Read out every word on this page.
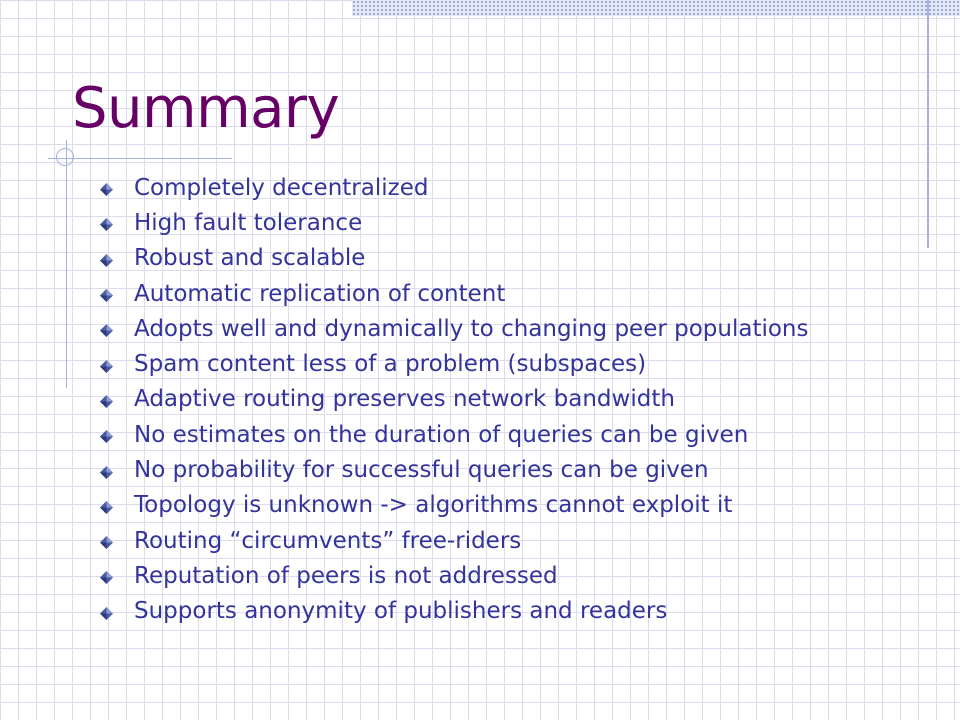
Summary
Completely decentralized
High fault tolerance
Robust and scalable
Automatic replication of content
Adopts well and dynamically to changing peer populations
Spam content less of a problem (subspaces)
Adaptive routing preserves network bandwidth
No estimates on the duration of queries can be given
No probability for successful queries can be given
Topology is unknown -> algorithms cannot exploit it
Routing “circumvents” free-riders
Reputation of peers is not addressed
Supports anonymity of publishers and readers
